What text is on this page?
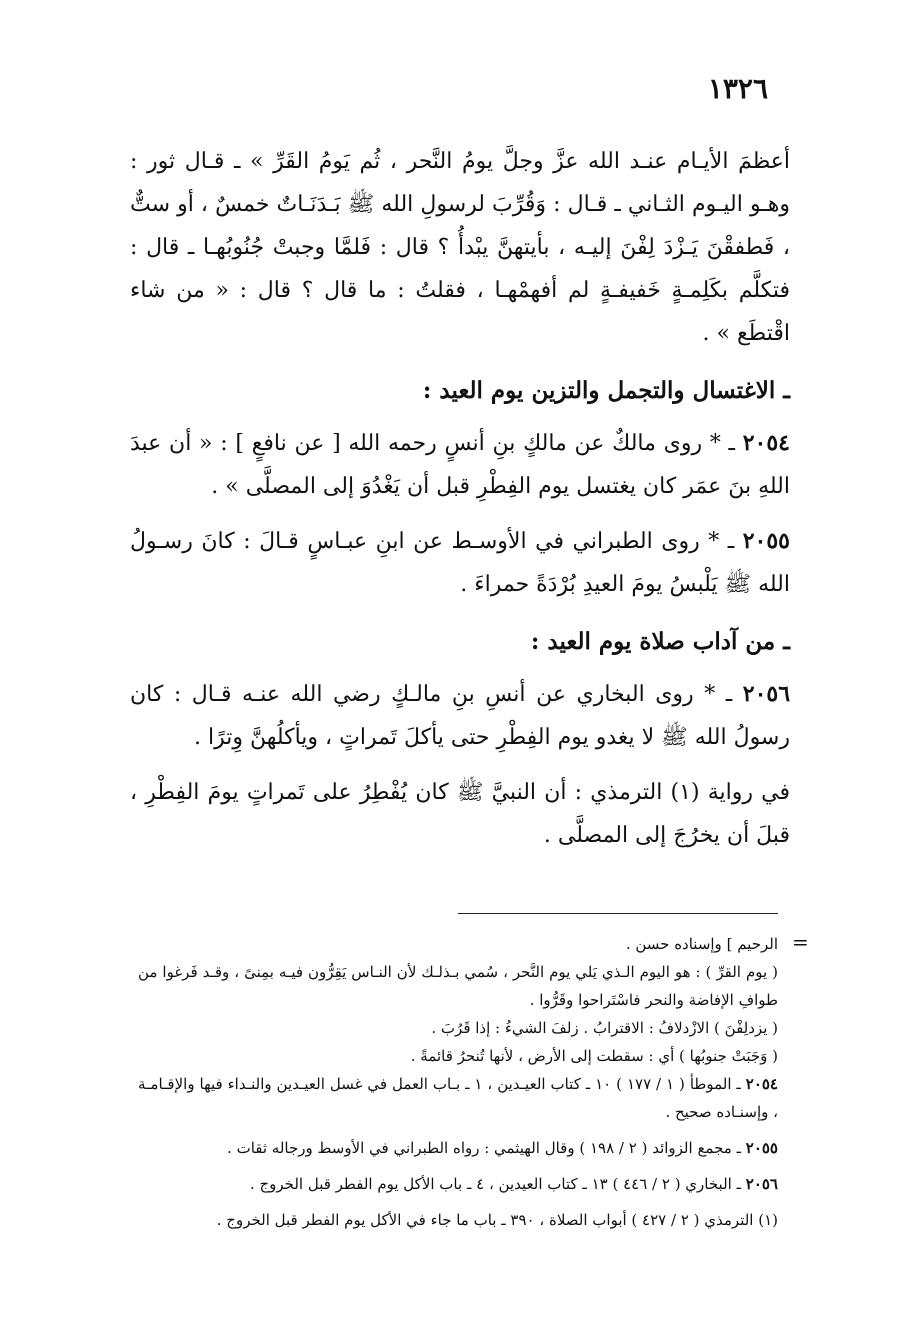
١٣٢٦

أعظمَ الأيـام عنـد الله عزَّ وجلَّ يومُ النَّحر ، ثُم يَومُ القَرِّ » ـ قـال ثور : وهـو اليـوم الثـاني ـ قـال : وَقُرِّبَ لرسولِ الله ﷺ بَـدَنَـاتٌ خمسٌ ، أو ستٌّ ، فَطفقْنَ يَـزْدَ لِفْنَ إليـه ، بأيتهنَّ يبْدأُ ؟ قال : فَلمَّا وجبتْ جُنُوبُهـا ـ قال : فتكلَّم بكَلِمـةٍ خَفيفـةٍ لم أفهمْهـا ، فقلتُ : ما قال ؟ قال : « من شاء اقْتطَع » .

ـ الاغتسال والتجمل والتزين يوم العيد :

٢٠٥٤ ـ * روى مالكٌ عن مالكٍ بنِ أنسٍ رحمه الله [ عن نافعٍ ] : « أن عبدَ اللهِ بنَ عمَر كان يغتسل يوم الفِطْرِ قبل أن يَغْدُوَ إلى المصلَّى » .

٢٠٥٥ ـ * روى الطبراني في الأوسـط عن ابنِ عبـاسٍ قـالَ : كانَ رسـولُ الله ﷺ يَلْبسُ يومَ العيدِ بُرْدَةً حمراءَ .

ـ من آداب صلاة يوم العيد :

٢٠٥٦ ـ * روى البخاري عن أنسِ بنِ مالـكٍ رضي الله عنـه قـال : كان رسولُ الله ﷺ لا يغدو يوم الفِطْرِ حتى يأكلَ تَمراتٍ ، ويأكلُهنَّ وِترًا .

في رواية (١) الترمذي : أن النبيَّ ﷺ كان يُفْطِرُ على تَمراتٍ يومَ الفِطْرِ ، قبلَ أن يخرُجَ إلى المصلَّى .

=

الرحيم ] وإسناده حسن .

( يوم القرِّ ) : هو اليوم الـذي يَلي يوم النَّحر ، سُمي بـذلـك لأن النـاس يَقِرُّون فيـه بمِنىً ، وقـد فَرغوا من طوافِ الإفاضة والنحر فاسْتَراحوا وقَرُّوا .

( يزدلِفْنَ ) الازْدلافُ : الاقترابُ . زلفَ الشيءُ : إذا قَرُبَ .

( وَجَبَتْ جنوبُها ) أي : سقطت إلى الأرض ، لأنها تُنحرُ قائمةً .

٢٠٥٤ ـ الموطأ ( ١ / ١٧٧ ) ١٠ ـ كتاب العيـدين ، ١ ـ بـاب العمل في غسل العيـدين والنـداء فيها والإقـامـة ، وإسنـاده صحيح .

٢٠٥٥ ـ مجمع الزوائد ( ٢ / ١٩٨ ) وقال الهيثمي : رواه الطبراني في الأوسط ورجاله ثقات .

٢٠٥٦ ـ البخاري ( ٢ / ٤٤٦ ) ١٣ ـ كتاب العيدين ، ٤ ـ باب الأكل يوم الفطر قبل الخروج .

(١) الترمذي ( ٢ / ٤٢٧ ) أبواب الصلاة ، ٣٩٠ ـ باب ما جاء في الأكل يوم الفطر قبل الخروج .
